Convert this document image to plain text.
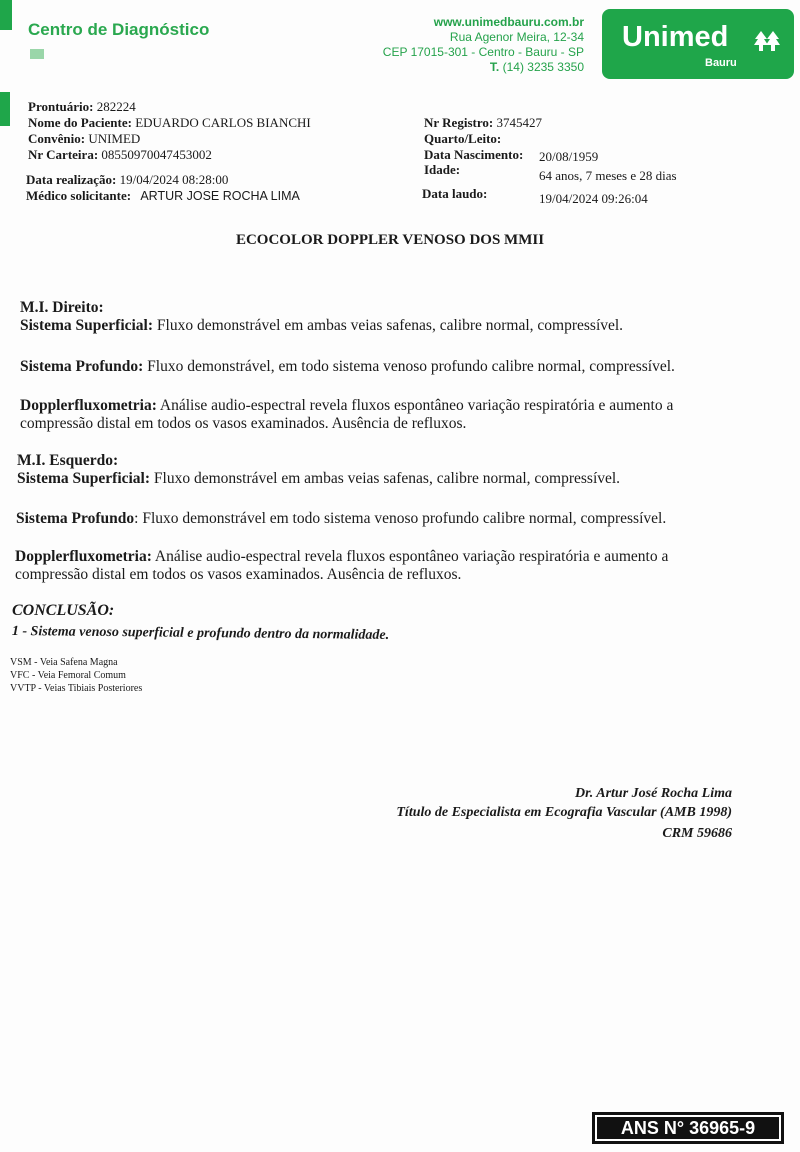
Centro de Diagnóstico	www.unimedbauru.com.br
Rua Agenor Meira, 12-34
CEP 17015-301 - Centro - Bauru - SP
T. (14) 3235 3350
Unimed
Bauru
Prontuário: 282224
Nome do Paciente: EDUARDO CARLOS BIANCHI
Convênio: UNIMED
Nr Carteira: 08550970047453002
Data realização: 19/04/2024 08:28:00
Médico solicitante: ARTUR JOSE ROCHA LIMA
Nr Registro: 3745427
Quarto/Leito:
Data Nascimento: 20/08/1959
Idade:	64 anos, 7 meses e 28 dias
Data laudo:	19/04/2024 09:26:04
ECOCOLOR DOPPLER VENOSO DOS MMII
M.I. Direito:
Sistema Superficial: Fluxo demonstrável em ambas veias safenas, calibre normal, compressível.
Sistema Profundo: Fluxo demonstrável, em todo sistema venoso profundo calibre normal, compressível.
Dopplerfluxometria: Análise audio-espectral revela fluxos espontâneo variação respiratória e aumento a compressão distal em todos os vasos examinados. Ausência de refluxos.
M.I. Esquerdo:
Sistema Superficial: Fluxo demonstrável em ambas veias safenas, calibre normal, compressível.
Sistema Profundo: Fluxo demonstrável em todo sistema venoso profundo calibre normal, compressível.
Dopplerfluxometria: Análise audio-espectral revela fluxos espontâneo variação respiratória e aumento a compressão distal em todos os vasos examinados. Ausência de refluxos.
CONCLUSÃO:
1 - Sistema venoso superficial e profundo dentro da normalidade.
VSM - Veia Safena Magna
VFC - Veia Femoral Comum
VVTP - Veias Tibiais Posteriores
Dr. Artur José Rocha Lima
Título de Especialista em Ecografia Vascular (AMB 1998)
CRM 59686
ANS N° 36965-9
